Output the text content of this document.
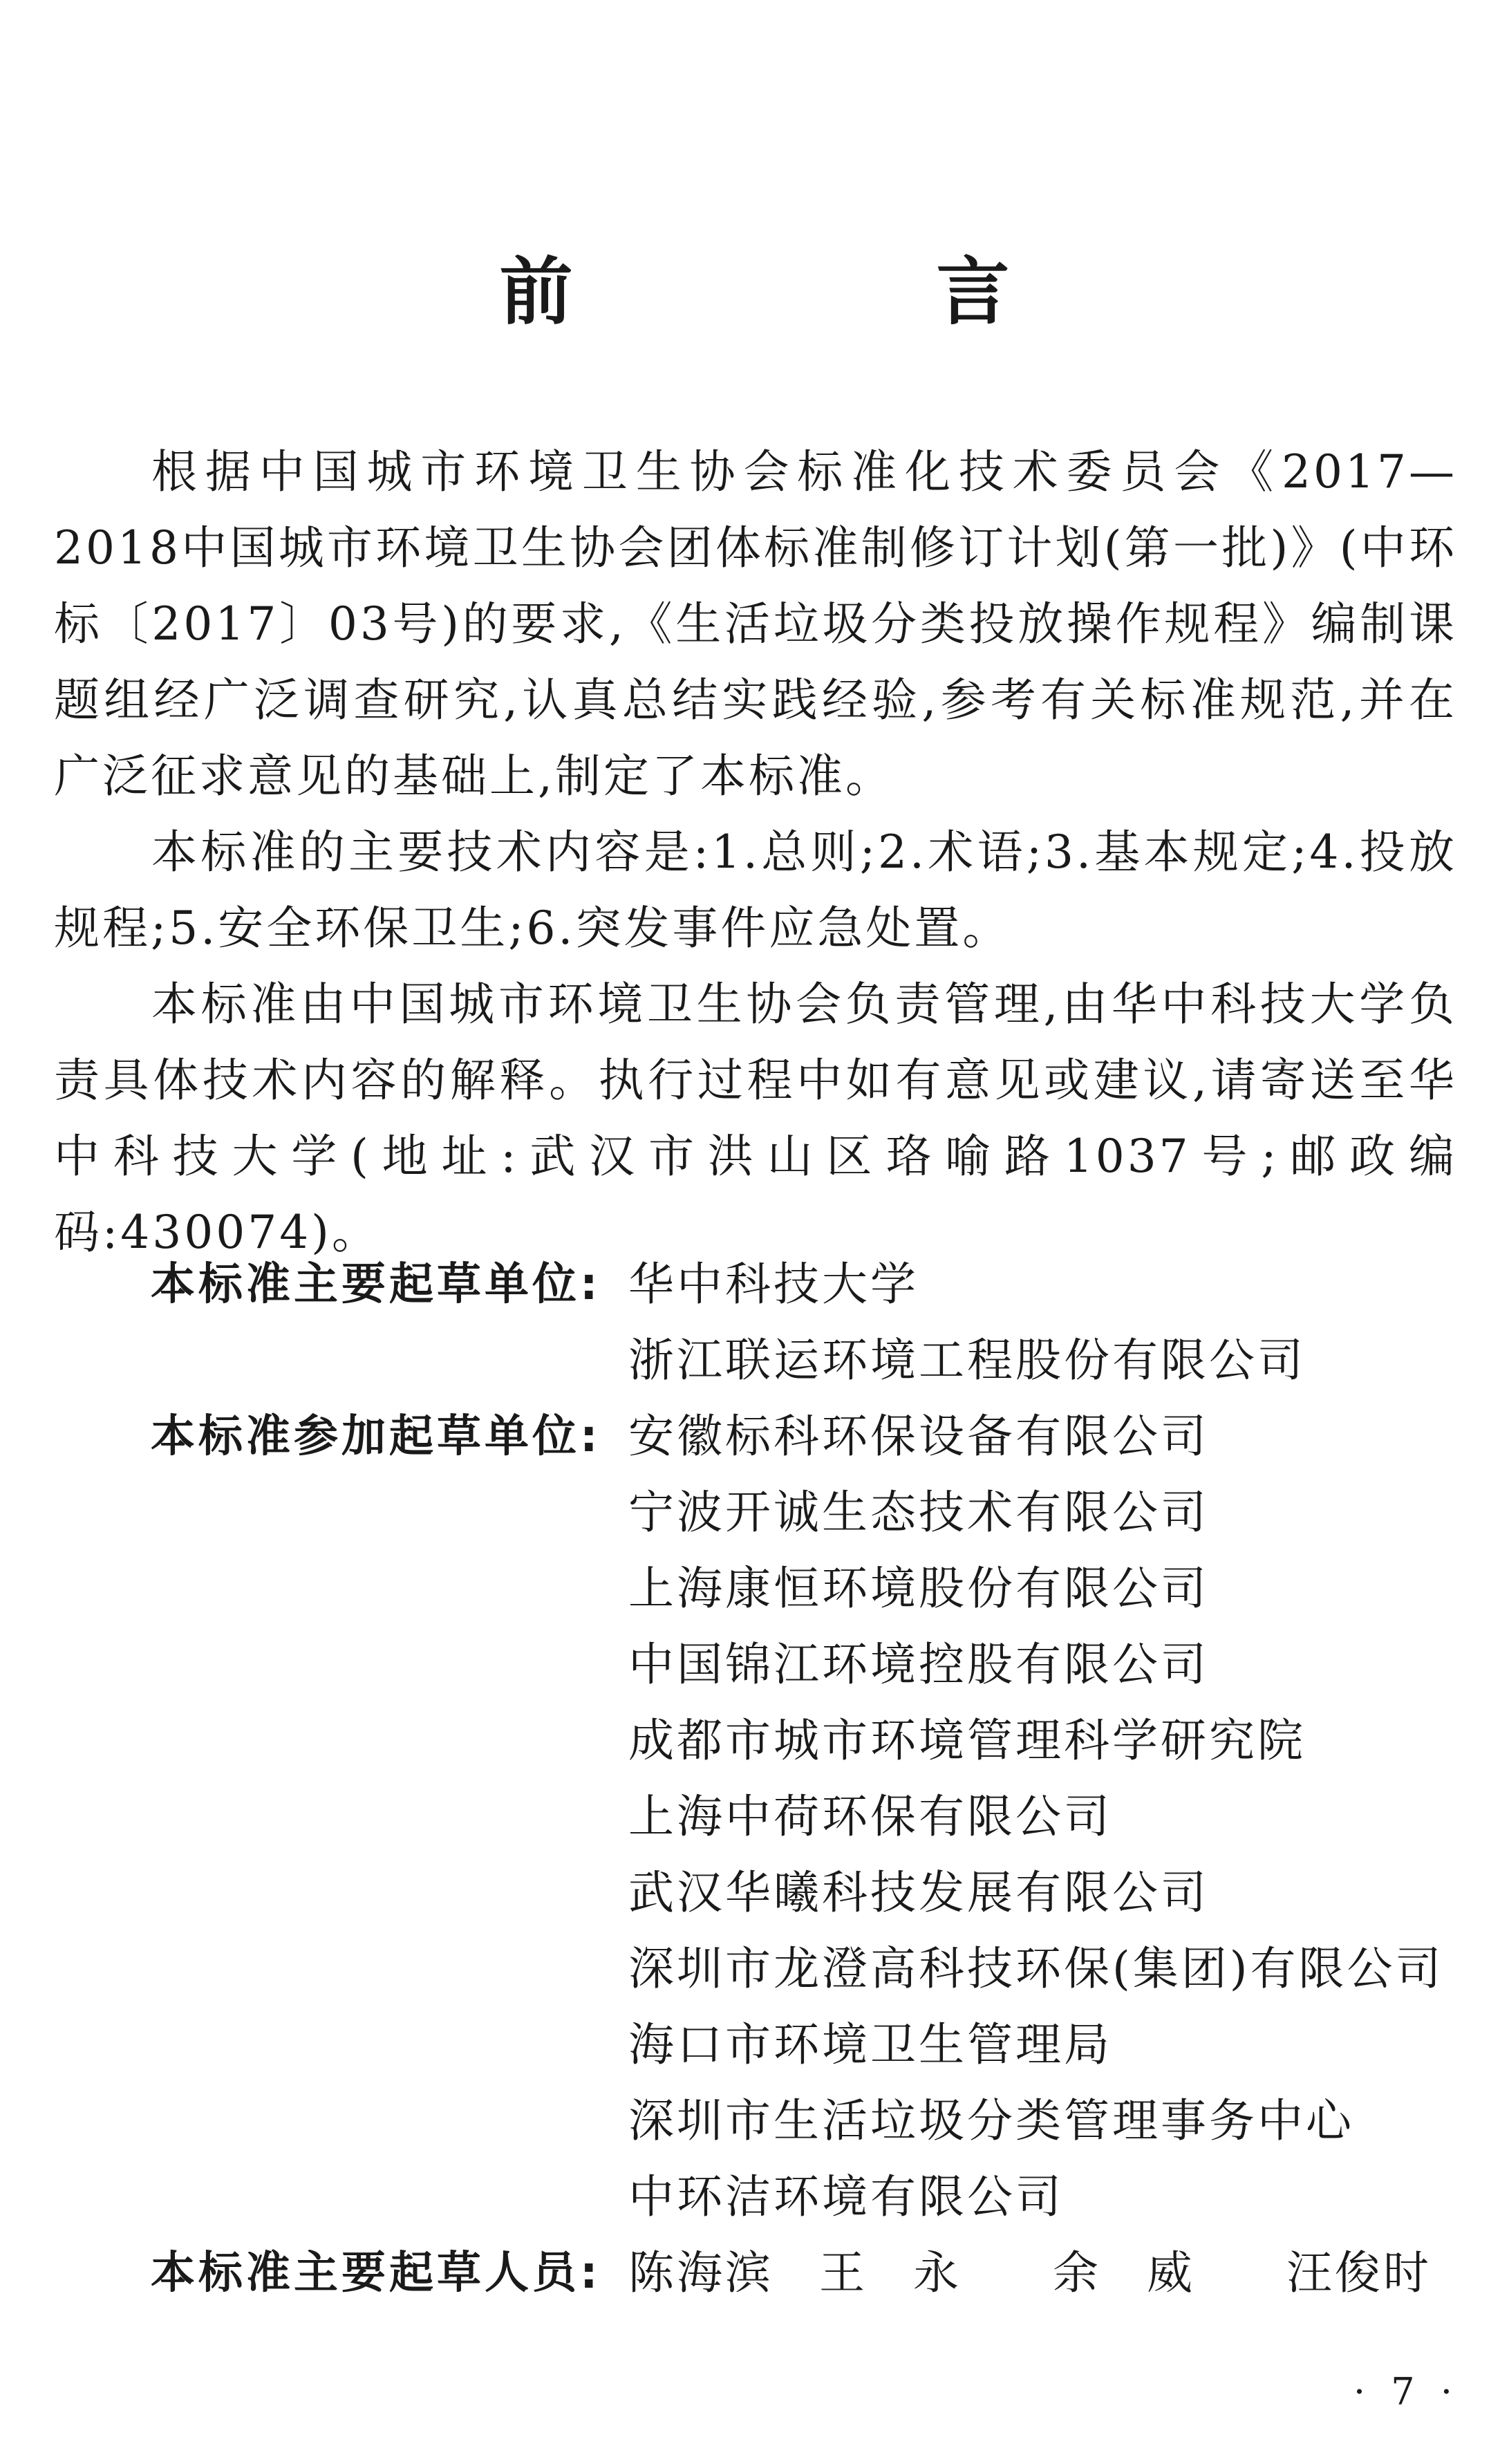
前　言

根据中国城市环境卫生协会标准化技术委员会《2017—2018中国城市环境卫生协会团体标准制修订计划(第一批)》(中环标〔2017〕03号)的要求,《生活垃圾分类投放操作规程》编制课题组经广泛调查研究,认真总结实践经验,参考有关标准规范,并在广泛征求意见的基础上,制定了本标准。

本标准的主要技术内容是:1.总则;2.术语;3.基本规定;4.投放规程;5.安全环保卫生;6.突发事件应急处置。

本标准由中国城市环境卫生协会负责管理,由华中科技大学负责具体技术内容的解释。执行过程中如有意见或建议,请寄送至华中科技大学(地址:武汉市洪山区珞喻路1037号;邮政编码:430074)。

本标准主要起草单位: 华中科技大学
浙江联运环境工程股份有限公司
本标准参加起草单位: 安徽标科环保设备有限公司
宁波开诚生态技术有限公司
上海康恒环境股份有限公司
中国锦江环境控股有限公司
成都市城市环境管理科学研究院
上海中荷环保有限公司
武汉华曦科技发展有限公司
深圳市龙澄高科技环保(集团)有限公司
海口市环境卫生管理局
深圳市生活垃圾分类管理事务中心
中环洁环境有限公司
本标准主要起草人员: 陈海滨 王永 余威 汪俊时
· 7 ·
